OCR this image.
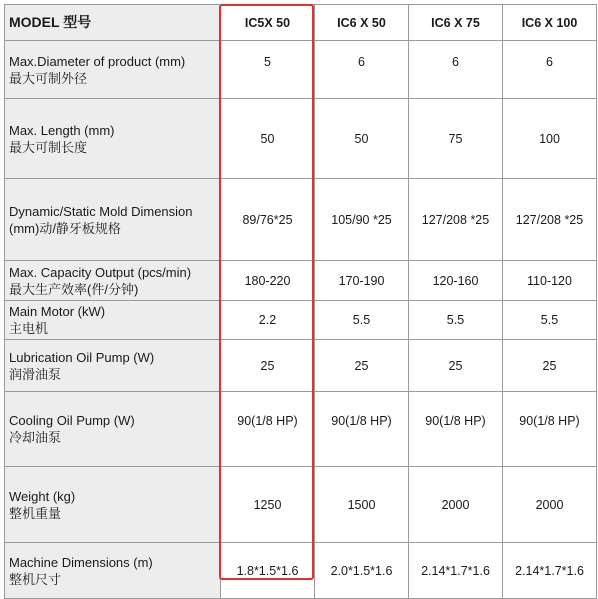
MODEL 型号	IC5X 50	IC6 X 50	IC6 X 75	IC6 X 100

Max.Diameter of product (mm)
最大可制外径	5	6	6	6

Max. Length (mm)
最大可制长度	50	50	75	100

Dynamic/Static Mold Dimension
(mm)动/静牙板规格	89/76*25	105/90 *25	127/208 *25	127/208 *25

Max. Capacity Output (pcs/min)
最大生产效率(件/分钟)	180-220	170-190	120-160	110-120

Main Motor (kW)
主电机	2.2	5.5	5.5	5.5

Lubrication Oil Pump (W)
润滑油泵	25	25	25	25

Cooling Oil Pump (W)
冷却油泵	90(1/8 HP)	90(1/8 HP)	90(1/8 HP)	90(1/8 HP)

Weight (kg)
整机重量	1250	1500	2000	2000

Machine Dimensions (m)
整机尺寸	1.8*1.5*1.6	2.0*1.5*1.6	2.14*1.7*1.6	2.14*1.7*1.6
